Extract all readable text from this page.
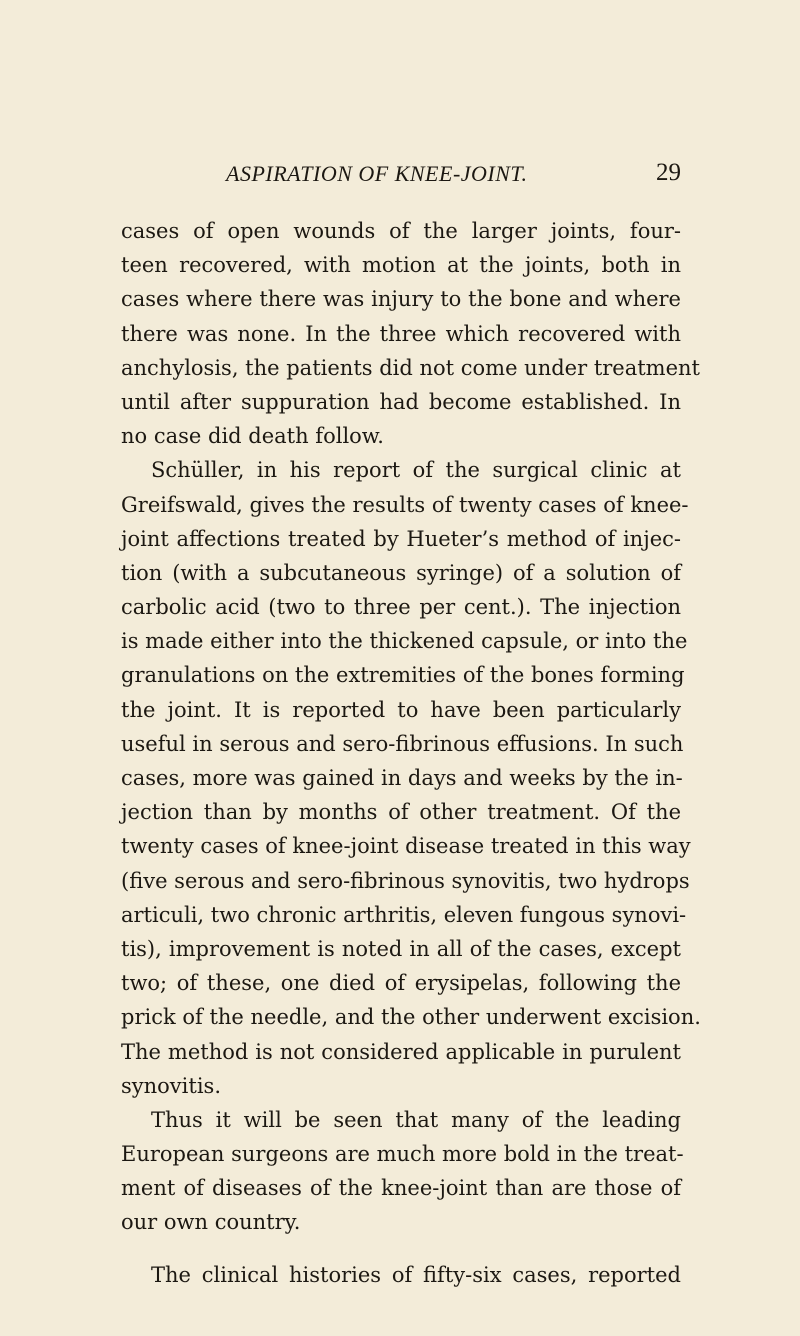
ASPIRATION OF KNEE-JOINT.	29
cases of open wounds of the larger joints, four-
teen recovered, with motion at the joints, both in
cases where there was injury to the bone and where
there was none. In the three which recovered with
anchylosis, the patients did not come under treatment
until after suppuration had become established. In
no case did death follow.
Schüller, in his report of the surgical clinic at
Greifswald, gives the results of twenty cases of knee-
joint affections treated by Hueter’s method of injec-
tion (with a subcutaneous syringe) of a solution of
carbolic acid (two to three per cent.). The injection
is made either into the thickened capsule, or into the
granulations on the extremities of the bones forming
the joint. It is reported to have been particularly
useful in serous and sero-fibrinous effusions. In such
cases, more was gained in days and weeks by the in-
jection than by months of other treatment. Of the
twenty cases of knee-joint disease treated in this way
(five serous and sero-fibrinous synovitis, two hydrops
articuli, two chronic arthritis, eleven fungous synovi-
tis), improvement is noted in all of the cases, except
two; of these, one died of erysipelas, following the
prick of the needle, and the other underwent excision.
The method is not considered applicable in purulent
synovitis.
Thus it will be seen that many of the leading
European surgeons are much more bold in the treat-
ment of diseases of the knee-joint than are those of
our own country.
The clinical histories of fifty-six cases, reported
